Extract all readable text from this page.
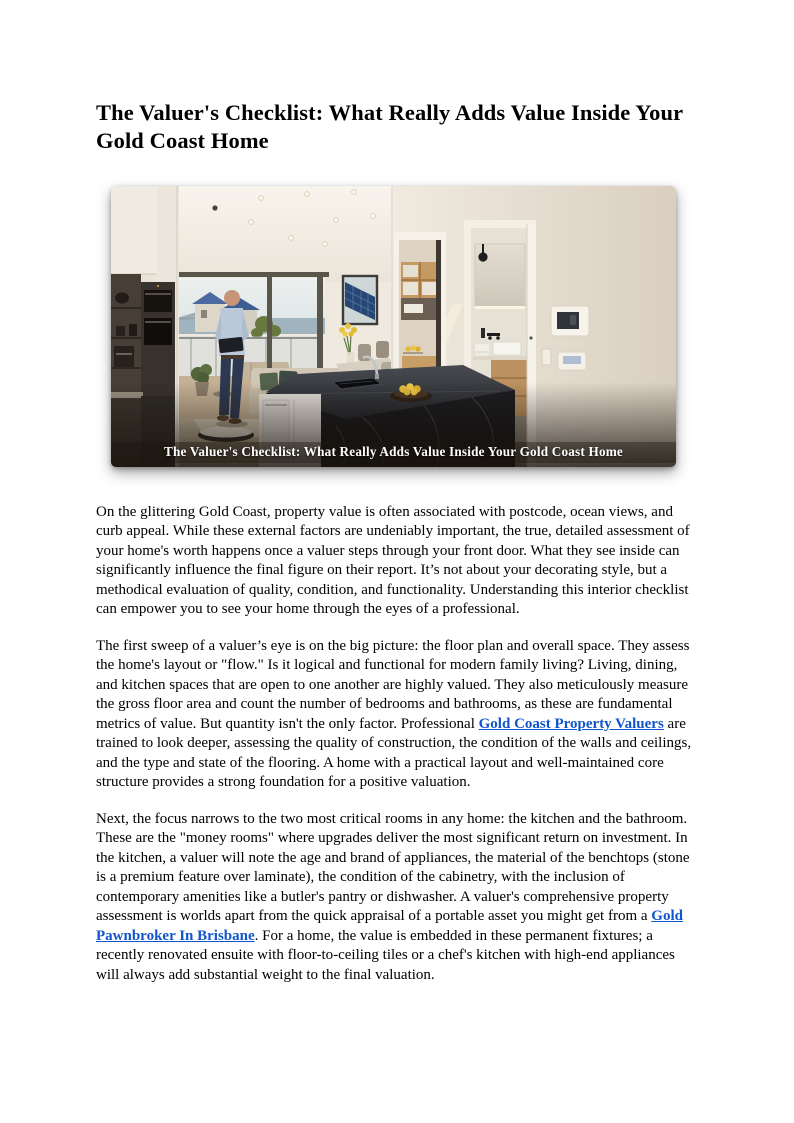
The Valuer's Checklist: What Really Adds Value Inside Your Gold Coast Home
The Valuer's Checklist: What Really Adds Value Inside Your Gold Coast Home

On the glittering Gold Coast, property value is often associated with postcode, ocean views, and curb appeal. While these external factors are undeniably important, the true, detailed assessment of your home's worth happens once a valuer steps through your front door. What they see inside can significantly influence the final figure on their report. It’s not about your decorating style, but a methodical evaluation of quality, condition, and functionality. Understanding this interior checklist can empower you to see your home through the eyes of a professional.

The first sweep of a valuer’s eye is on the big picture: the floor plan and overall space. They assess the home's layout or "flow." Is it logical and functional for modern family living? Living, dining, and kitchen spaces that are open to one another are highly valued. They also meticulously measure the gross floor area and count the number of bedrooms and bathrooms, as these are fundamental metrics of value. But quantity isn't the only factor. Professional Gold Coast Property Valuers are trained to look deeper, assessing the quality of construction, the condition of the walls and ceilings, and the type and state of the flooring. A home with a practical layout and well-maintained core structure provides a strong foundation for a positive valuation.

Next, the focus narrows to the two most critical rooms in any home: the kitchen and the bathroom. These are the "money rooms" where upgrades deliver the most significant return on investment. In the kitchen, a valuer will note the age and brand of appliances, the material of the benchtops (stone is a premium feature over laminate), the condition of the cabinetry, with the inclusion of contemporary amenities like a butler's pantry or dishwasher. A valuer's comprehensive property assessment is worlds apart from the quick appraisal of a portable asset you might get from a Gold Pawnbroker In Brisbane. For a home, the value is embedded in these permanent fixtures; a recently renovated ensuite with floor-to-ceiling tiles or a chef's kitchen with high-end appliances will always add substantial weight to the final valuation.
